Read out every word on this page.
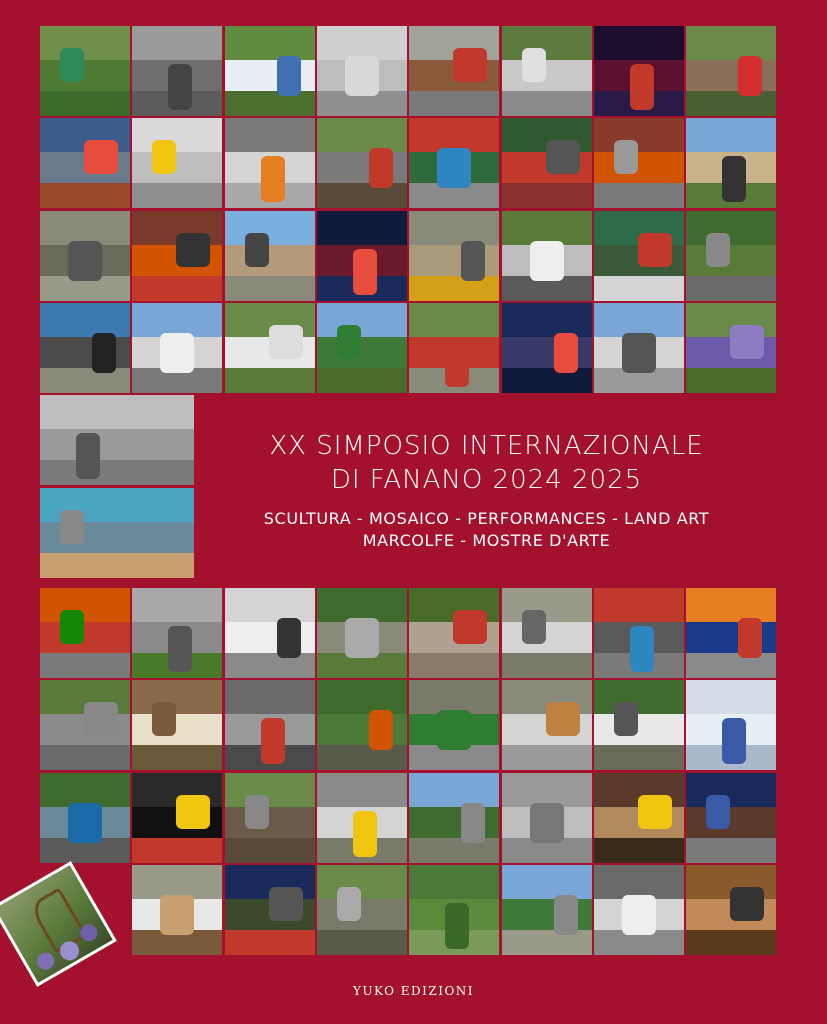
XX SIMPOSIO INTERNAZIONALE

DI FANANO 2024 2025

SCULTURA - MOSAICO - PERFORMANCES - LAND ART

MARCOLFE - MOSTRE D'ARTE

YUKO EDIZIONI
